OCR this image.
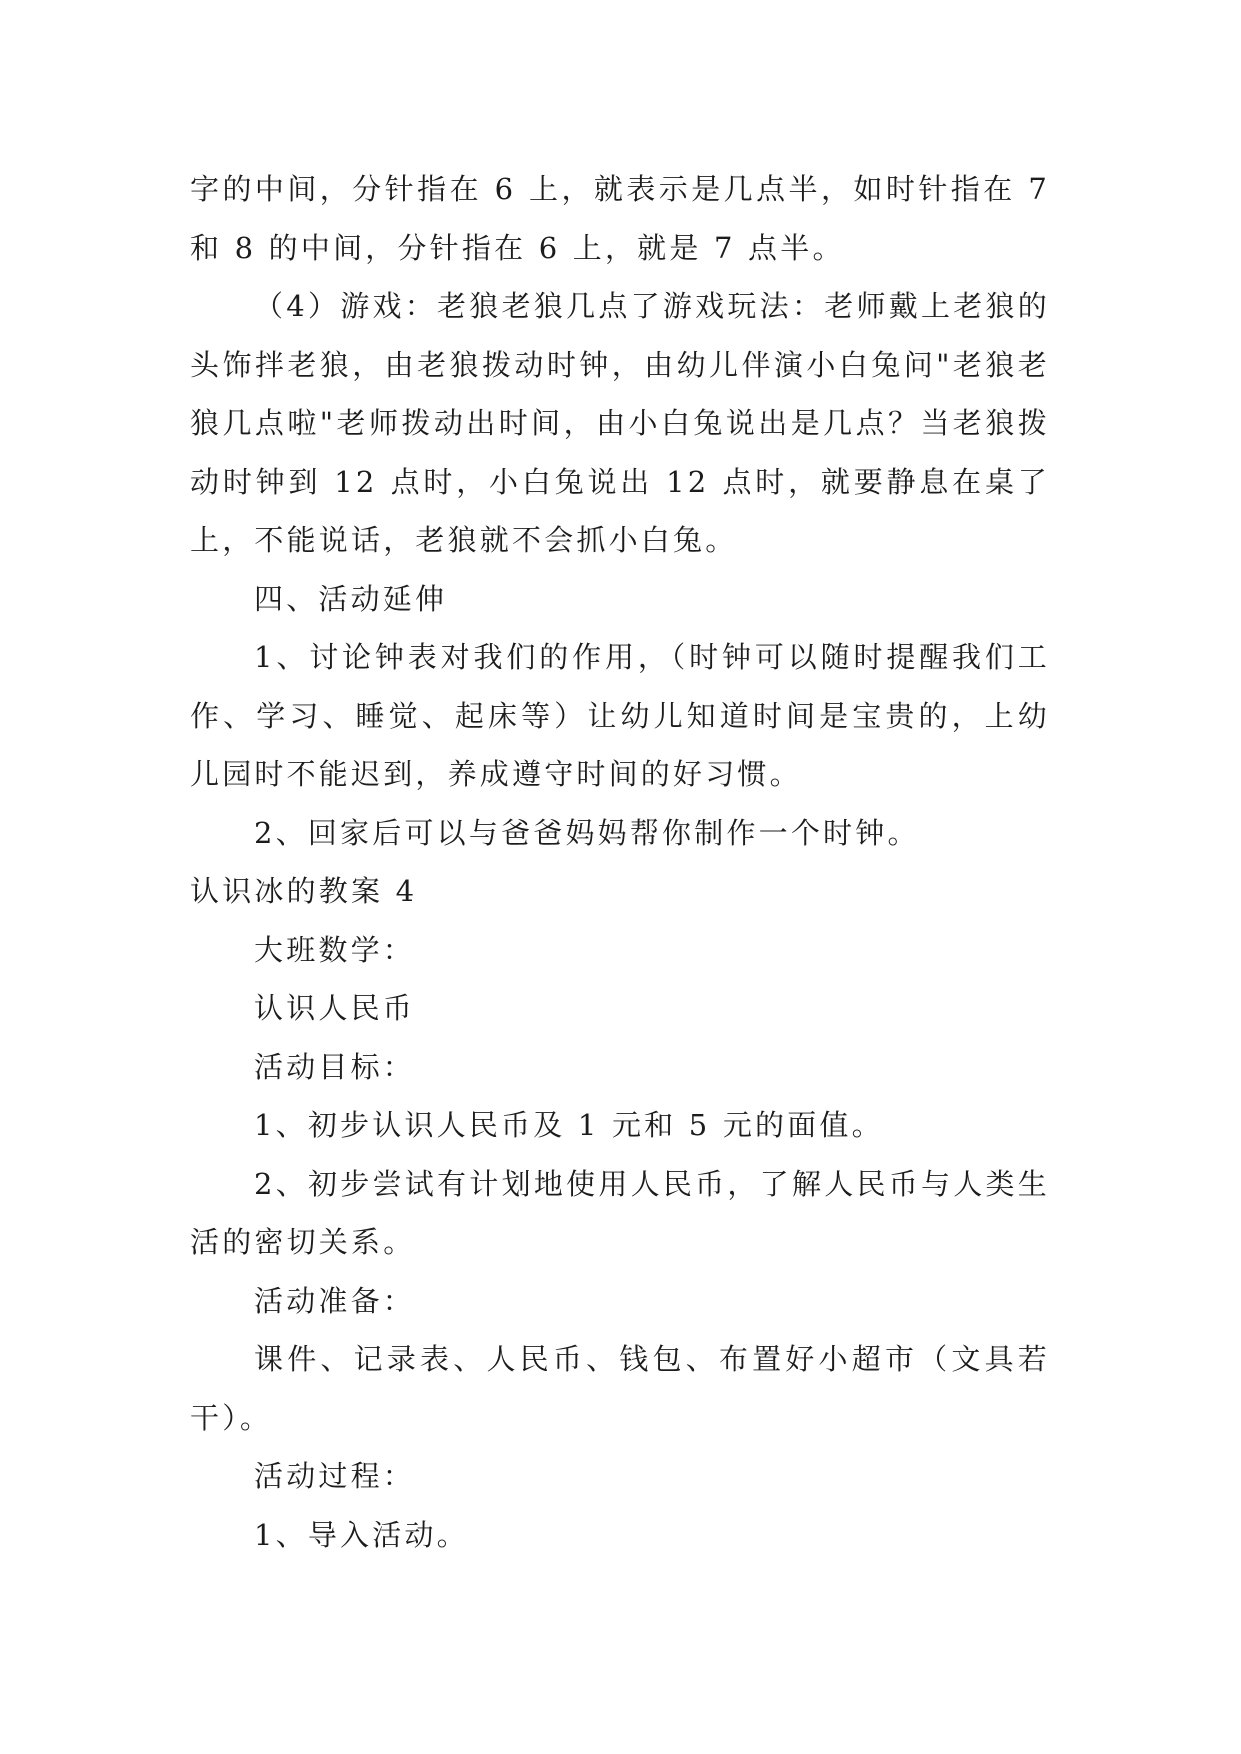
字的中间，分针指在 6 上，就表示是几点半，如时针指在 7 和 8 的中间，分针指在 6 上，就是 7 点半。

（4）游戏：老狼老狼几点了游戏玩法：老师戴上老狼的头饰拌老狼，由老狼拨动时钟，由幼儿伴演小白兔问"老狼老狼几点啦"老师拨动出时间，由小白兔说出是几点？当老狼拨动时钟到 12 点时，小白兔说出 12 点时，就要静息在桌了上，不能说话，老狼就不会抓小白兔。

四、活动延伸

1、讨论钟表对我们的作用，（时钟可以随时提醒我们工作、学习、睡觉、起床等）让幼儿知道时间是宝贵的，上幼儿园时不能迟到，养成遵守时间的好习惯。

2、回家后可以与爸爸妈妈帮你制作一个时钟。

认识冰的教案 4

大班数学：

认识人民币

活动目标：

1、初步认识人民币及 1 元和 5 元的面值。

2、初步尝试有计划地使用人民币，了解人民币与人类生活的密切关系。

活动准备：

课件、记录表、人民币、钱包、布置好小超市（文具若干）。

活动过程：

1、导入活动。
